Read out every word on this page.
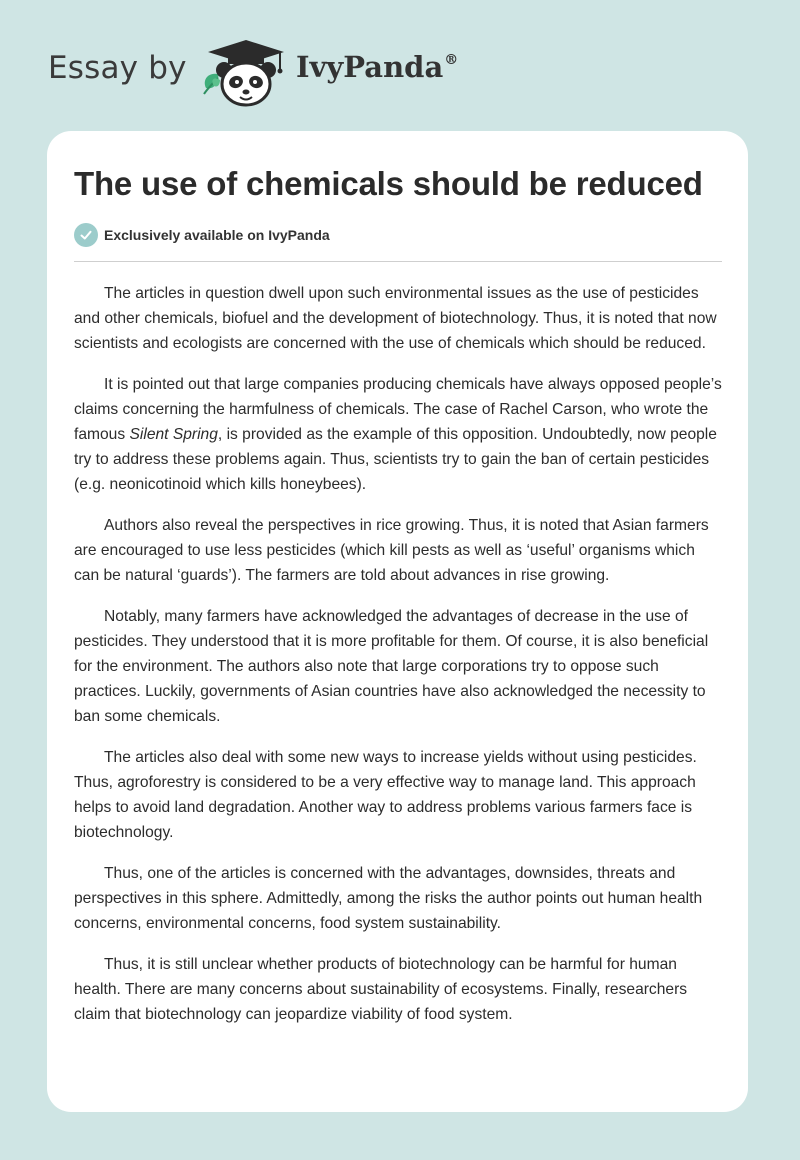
Essay by	IvyPanda®
The use of chemicals should be reduced
Exclusively available on IvyPanda

The articles in question dwell upon such environmental issues as the use of pesticides and other chemicals, biofuel and the development of biotechnology. Thus, it is noted that now scientists and ecologists are concerned with the use of chemicals which should be reduced.

It is pointed out that large companies producing chemicals have always opposed people’s claims concerning the harmfulness of chemicals. The case of Rachel Carson, who wrote the famous Silent Spring, is provided as the example of this opposition. Undoubtedly, now people try to address these problems again. Thus, scientists try to gain the ban of certain pesticides (e.g. neonicotinoid which kills honeybees).

Authors also reveal the perspectives in rice growing. Thus, it is noted that Asian farmers are encouraged to use less pesticides (which kill pests as well as ‘useful’ organisms which can be natural ‘guards’). The farmers are told about advances in rise growing.

Notably, many farmers have acknowledged the advantages of decrease in the use of pesticides. They understood that it is more profitable for them. Of course, it is also beneficial for the environment. The authors also note that large corporations try to oppose such practices. Luckily, governments of Asian countries have also acknowledged the necessity to ban some chemicals.

The articles also deal with some new ways to increase yields without using pesticides. Thus, agroforestry is considered to be a very effective way to manage land. This approach helps to avoid land degradation. Another way to address problems various farmers face is biotechnology.

Thus, one of the articles is concerned with the advantages, downsides, threats and perspectives in this sphere. Admittedly, among the risks the author points out human health concerns, environmental concerns, food system sustainability.

Thus, it is still unclear whether products of biotechnology can be harmful for human health. There are many concerns about sustainability of ecosystems. Finally, researchers claim that biotechnology can jeopardize viability of food system.
